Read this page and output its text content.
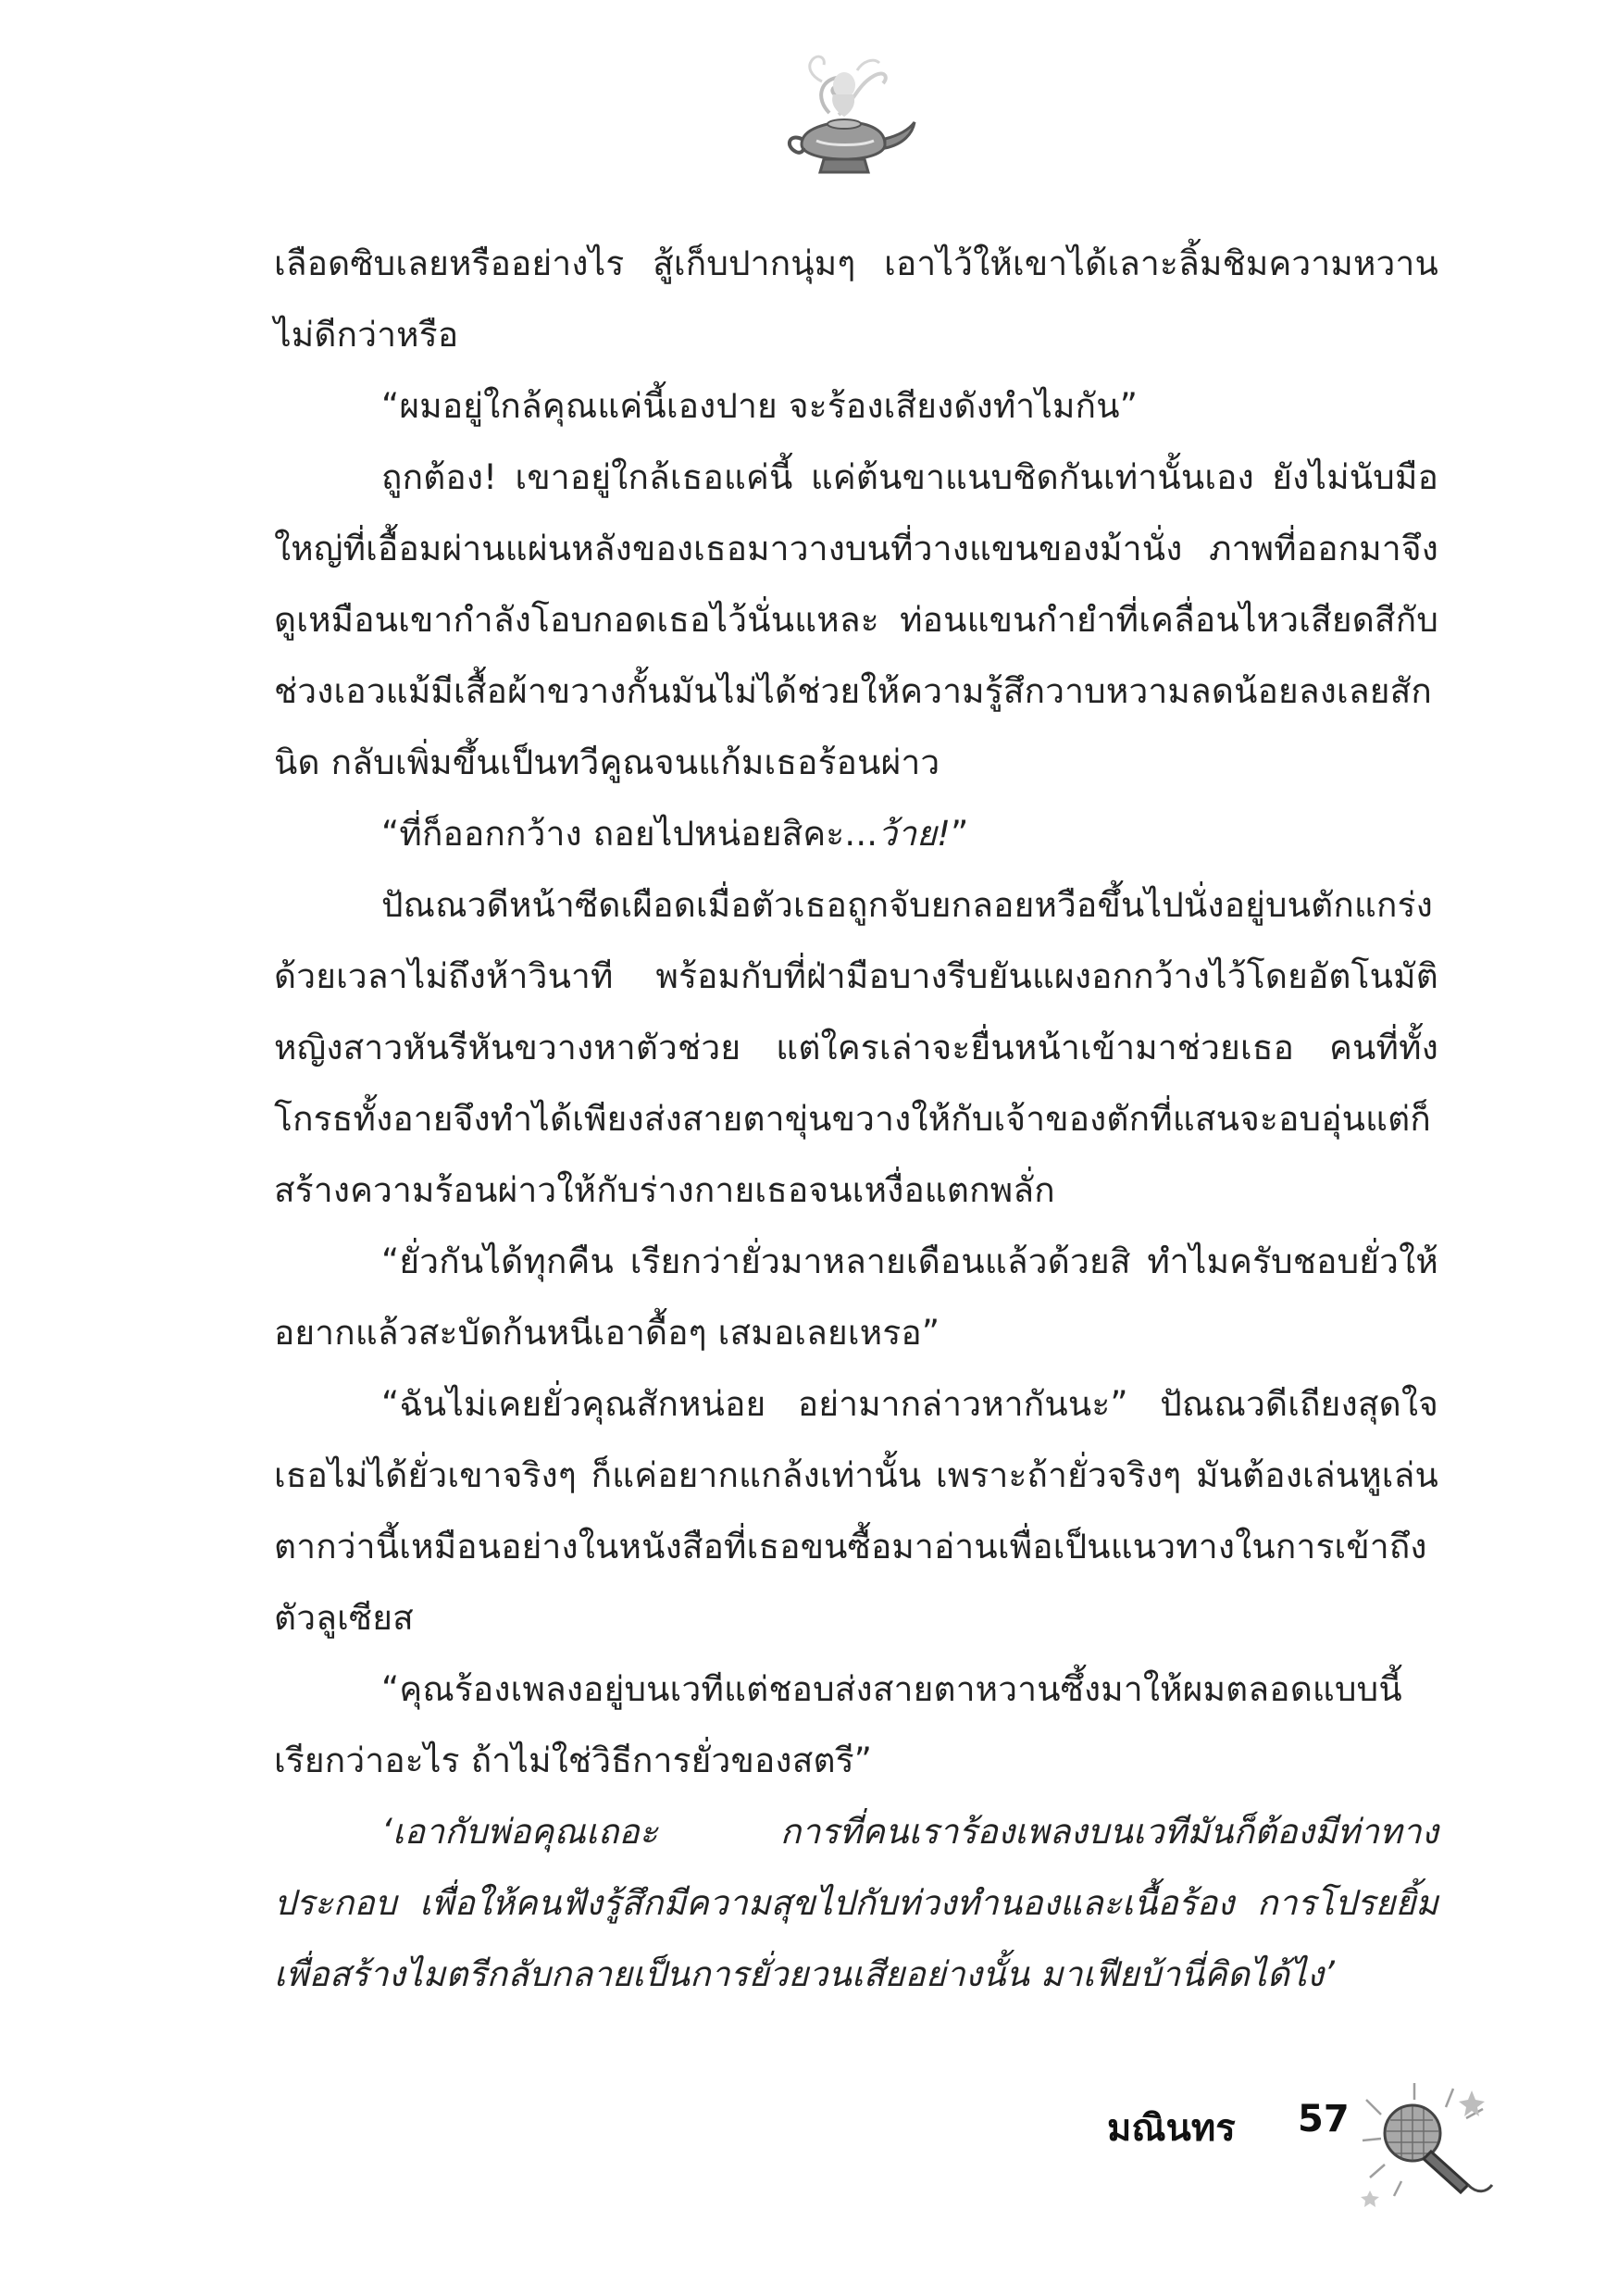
เลือดซิบเลยหรืออย่างไร สู้เก็บปากนุ่มๆ เอาไว้ให้เขาได้เลาะลิ้มชิมความหวานไม่ดีกว่าหรือ

“ผมอยู่ใกล้คุณแค่นี้เองปาย จะร้องเสียงดังทำไมกัน”

ถูกต้อง! เขาอยู่ใกล้เธอแค่นี้ แค่ต้นขาแนบชิดกันเท่านั้นเอง ยังไม่นับมือใหญ่ที่เอื้อมผ่านแผ่นหลังของเธอมาวางบนที่วางแขนของม้านั่ง ภาพที่ออกมาจึงดูเหมือนเขากำลังโอบกอดเธอไว้นั่นแหละ ท่อนแขนกำยำที่เคลื่อนไหวเสียดสีกับช่วงเอวแม้มีเสื้อผ้าขวางกั้นมันไม่ได้ช่วยให้ความรู้สึกวาบหวามลดน้อยลงเลยสักนิด กลับเพิ่มขึ้นเป็นทวีคูณจนแก้มเธอร้อนผ่าว

“ที่ก็ออกกว้าง ถอยไปหน่อยสิคะ...ว้าย!”

ปัณณวดีหน้าซีดเผือดเมื่อตัวเธอถูกจับยกลอยหวือขึ้นไปนั่งอยู่บนตักแกร่งด้วยเวลาไม่ถึงห้าวินาที พร้อมกับที่ฝ่ามือบางรีบยันแผงอกกว้างไว้โดยอัตโนมัติ หญิงสาวหันรีหันขวางหาตัวช่วย แต่ใครเล่าจะยื่นหน้าเข้ามาช่วยเธอ คนที่ทั้งโกรธทั้งอายจึงทำได้เพียงส่งสายตาขุ่นขวางให้กับเจ้าของตักที่แสนจะอบอุ่นแต่ก็สร้างความร้อนผ่าวให้กับร่างกายเธอจนเหงื่อแตกพลั่ก

“ยั่วกันได้ทุกคืน เรียกว่ายั่วมาหลายเดือนแล้วด้วยสิ ทำไมครับชอบยั่วให้อยากแล้วสะบัดก้นหนีเอาดื้อๆ เสมอเลยเหรอ”

“ฉันไม่เคยยั่วคุณสักหน่อย อย่ามากล่าวหากันนะ” ปัณณวดีเถียงสุดใจ เธอไม่ได้ยั่วเขาจริงๆ ก็แค่อยากแกล้งเท่านั้น เพราะถ้ายั่วจริงๆ มันต้องเล่นหูเล่นตากว่านี้เหมือนอย่างในหนังสือที่เธอขนซื้อมาอ่านเพื่อเป็นแนวทางในการเข้าถึงตัวลูเซียส

“คุณร้องเพลงอยู่บนเวทีแต่ชอบส่งสายตาหวานซึ้งมาให้ผมตลอดแบบนี้เรียกว่าอะไร ถ้าไม่ใช่วิธีการยั่วของสตรี”

‘เอากับพ่อคุณเถอะ การที่คนเราร้องเพลงบนเวทีมันก็ต้องมีท่าทางประกอบ เพื่อให้คนฟังรู้สึกมีความสุขไปกับท่วงทำนองและเนื้อร้อง การโปรยยิ้มเพื่อสร้างไมตรีกลับกลายเป็นการยั่วยวนเสียอย่างนั้น มาเฟียบ้านี่คิดได้ไง’

มณินทร 57
